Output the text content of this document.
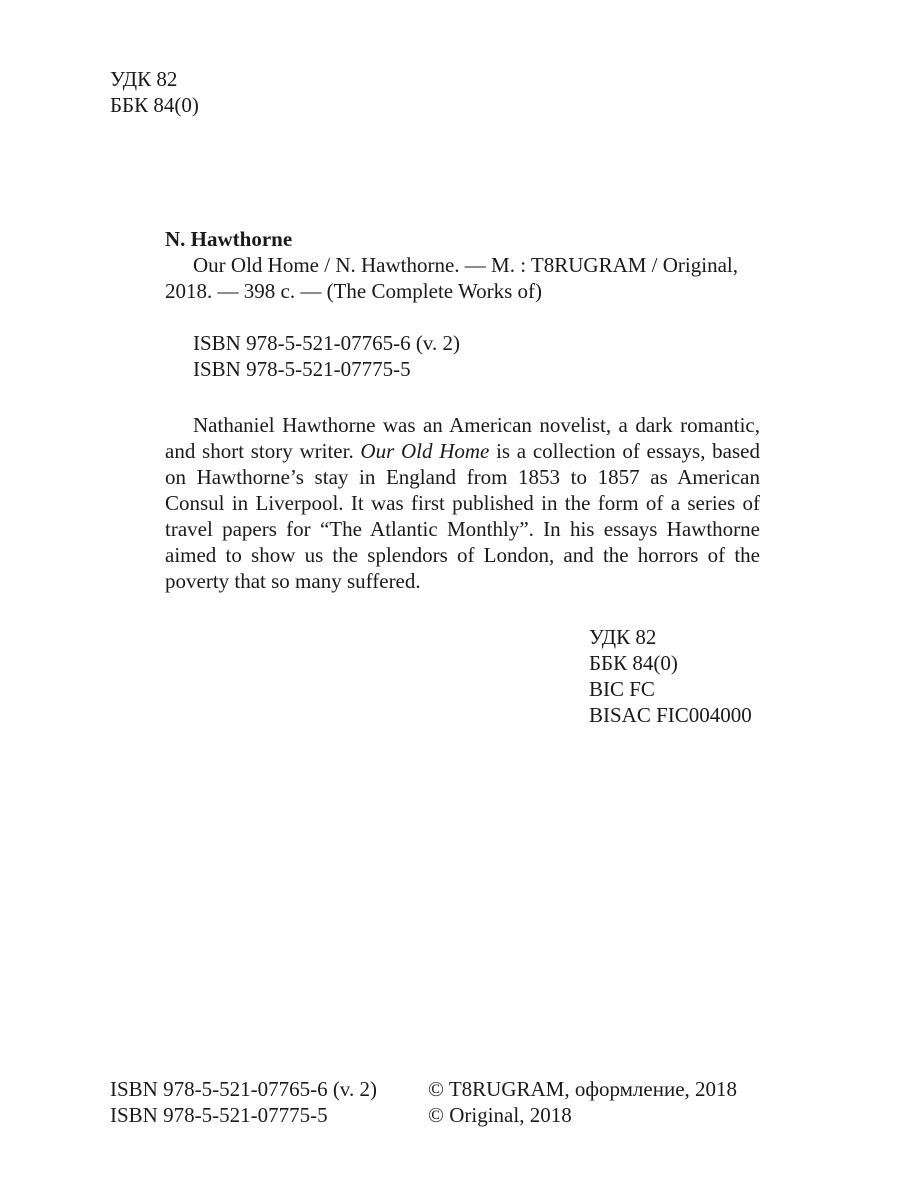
УДК 82
ББК 84(0)
N. Hawthorne
Our Old Home / N. Hawthorne. — M. : T8RUGRAM / Original,
2018. — 398 c. — (The Complete Works of)
ISBN 978-5-521-07765-6 (v. 2)
ISBN 978-5-521-07775-5
Nathaniel Hawthorne was an American novelist, a dark romantic, and short story writer. Our Old Home is a collection of essays, based on Hawthorne’s stay in England from 1853 to 1857 as American Consul in Liverpool. It was first published in the form of a series of travel papers for “The Atlantic Monthly”. In his essays Hawthorne aimed to show us the splendors of London, and the horrors of the poverty that so many suffered.
УДК 82
ББК 84(0)
BIC FC
BISAC FIC004000
ISBN 978-5-521-07765-6 (v. 2)
ISBN 978-5-521-07775-5
© T8RUGRAM, оформление, 2018
© Original, 2018
